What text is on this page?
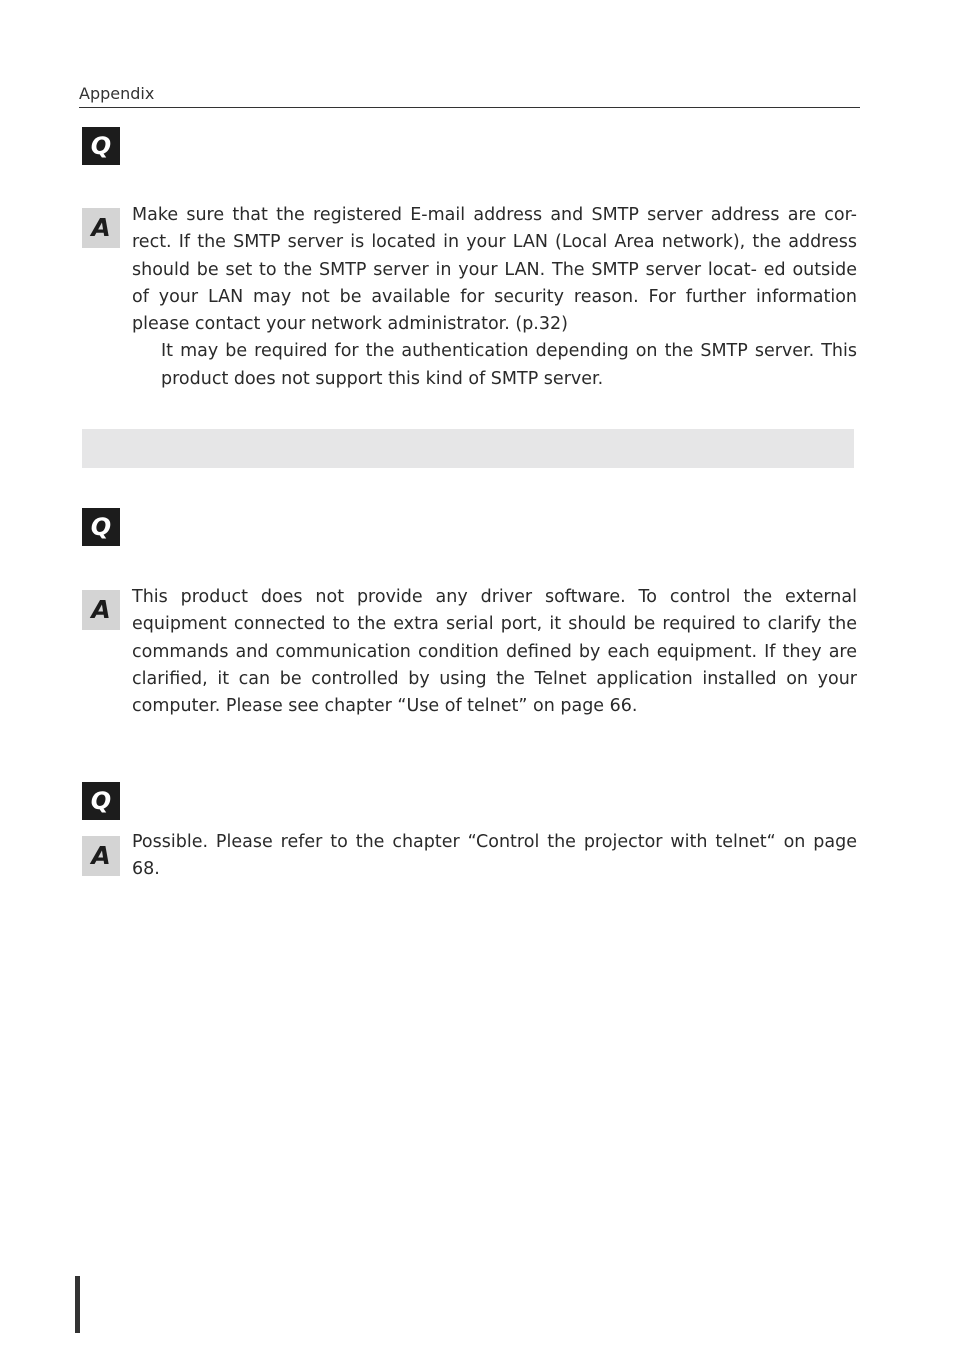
Appendix
Q
A	Make sure that the registered E-mail address and SMTP server address are cor- rect. If the SMTP server is located in your LAN (Local Area network), the address should be set to the SMTP server in your LAN. The SMTP server locat- ed outside of your LAN may not be available for security reason. For further information please contact your network administrator. (p.32)

It may be required for the authentication depending on the SMTP server. This product does not support this kind of SMTP server.

Q
A	This product does not provide any driver software. To control the external equipment connected to the extra serial port, it should be required to clarify the commands and communication condition defined by each equipment. If they are clarified, it can be controlled by using the Telnet application installed on your computer. Please see chapter “Use of telnet” on page 66.

Q
A	Possible. Please refer to the chapter “Control the projector with telnet“ on page 68.
